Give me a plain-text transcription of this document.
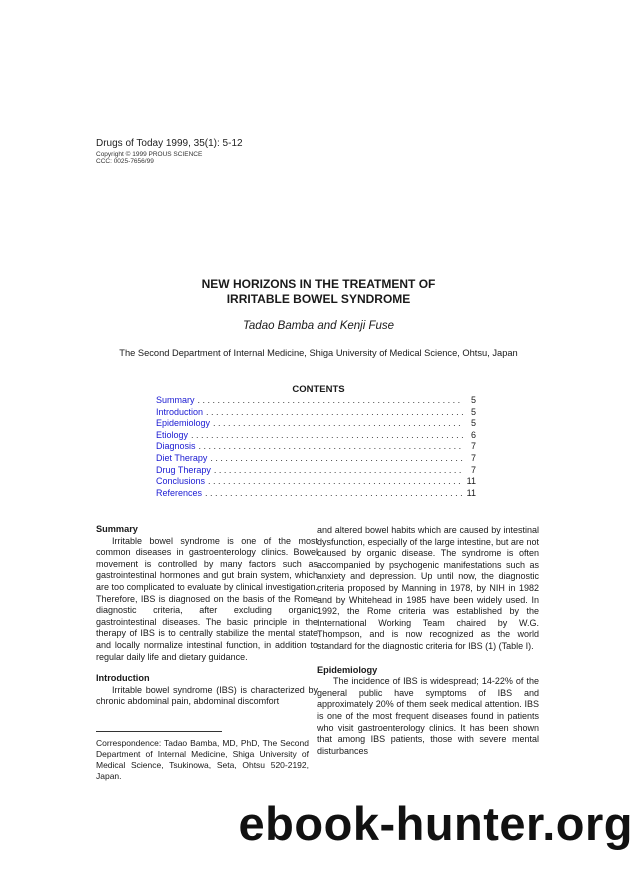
Drugs of Today 1999, 35(1): 5-12
Copyright © 1999 PROUS SCIENCE
CCC: 0025-7656/99
NEW HORIZONS IN THE TREATMENT OF
IRRITABLE BOWEL SYNDROME
Tadao Bamba and Kenji Fuse
The Second Department of Internal Medicine, Shiga University of Medical Science, Ohtsu, Japan
CONTENTS
Summary . . .	5
Introduction . . .	5
Epidemiology . . .	5
Etiology . . .	6
Diagnosis . . .	7
Diet Therapy . . .	7
Drug Therapy . . .	7
Conclusions . . .	11
References . . .	11

Summary

Irritable bowel syndrome is one of the most common diseases in gastroenterology clinics. Bowel movement is controlled by many factors such as gastrointestinal hormones and gut brain system, which are too complicated to evaluate by clinical investigation. Therefore, IBS is diagnosed on the basis of the Rome diagnostic criteria, after excluding organic gastrointestinal diseases. The basic principle in the therapy of IBS is to centrally stabilize the mental state and locally normalize intestinal function, in addition to regular daily life and dietary guidance.

Introduction

Irritable bowel syndrome (IBS) is characterized by chronic abdominal pain, abdominal discomfort

Correspondence: Tadao Bamba, MD, PhD, The Second Department of Internal Medicine, Shiga University of Medical Science, Tsukinowa, Seta, Ohtsu 520-2192, Japan.

and altered bowel habits which are caused by intestinal dysfunction, especially of the large intestine, but are not caused by organic disease. The syndrome is often accompanied by psychogenic manifestations such as anxiety and depression. Up until now, the diagnostic criteria proposed by Manning in 1978, by NIH in 1982 and by Whitehead in 1985 have been widely used. In 1992, the Rome criteria was established by the International Working Team chaired by W.G. Thompson, and is now recognized as the world standard for the diagnostic criteria for IBS (1) (Table I).

Epidemiology

The incidence of IBS is widespread; 14-22% of the general public have symptoms of IBS and approximately 20% of them seek medical attention. IBS is one of the most frequent diseases found in patients who visit gastroenterology clinics. It has been shown that among IBS patients, those with severe mental disturbances

ebook-hunter.org
